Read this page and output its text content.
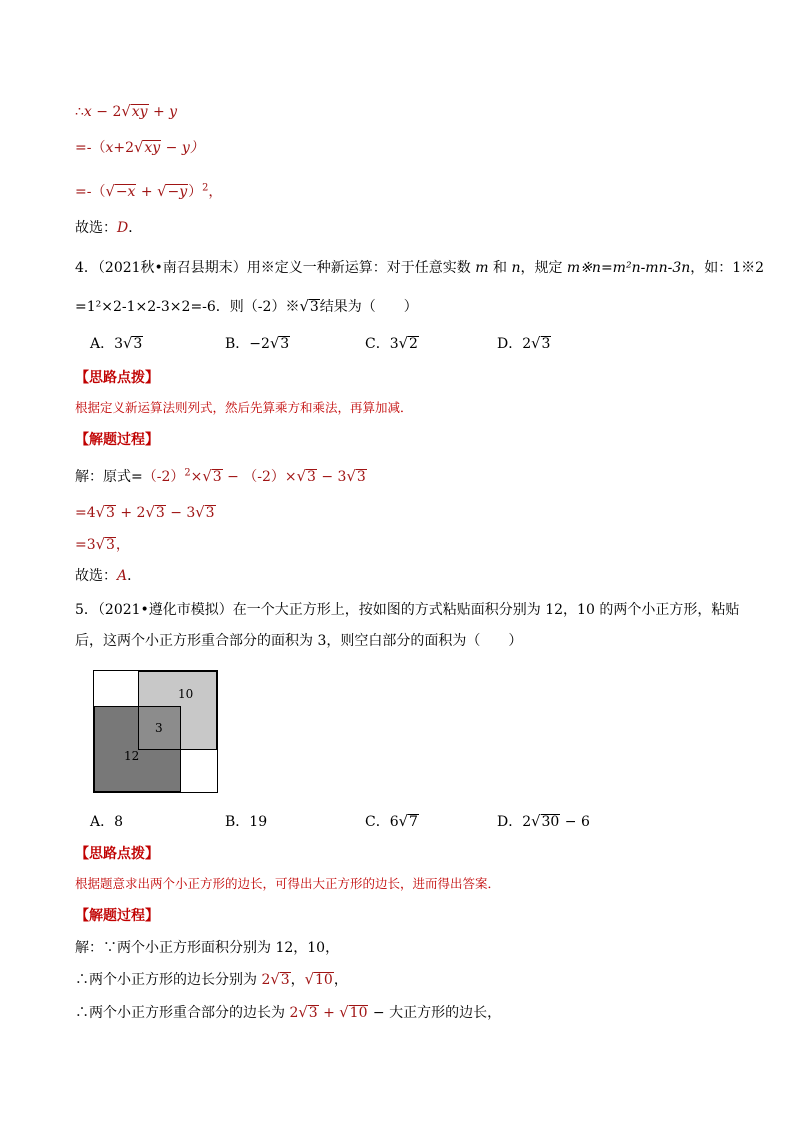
∴x − 2√xy + y
=-（x+2√xy − y）
$=-(√-x + √-y)^2$，
故选：D．
4．（2021秋•南召县期末）用※定义一种新运算：对于任意实数 m 和 n，规定 m※n=m²n-mn-3n，如：1※2
=1²×2-1×2-3×2=-6．则（-2）※√3结果为（　　）
A．3√3	B．−2√3	C．3√2	D．2√3
【思路点拨】
根据定义新运算法则列式，然后先算乘方和乘法，再算加减．
【解题过程】
解：原式$=(-2)^2\times√3 - (-2)\times√3 - 3√3$
=4√3 + 2√3 − 3√3
=3√3，
故选：A．
5．（2021•遵化市模拟）在一个大正方形上，按如图的方式粘贴面积分别为 12，10 的两个小正方形，粘贴
后，这两个小正方形重合部分的面积为 3，则空白部分的面积为（　　）
10
3
12
A．8	B．19	C．6√7	D．2√30 − 6
【思路点拨】
根据题意求出两个小正方形的边长，可得出大正方形的边长，进而得出答案．
【解题过程】
解：∵两个小正方形面积分别为 12，10，
∴两个小正方形的边长分别为 2√3，√10，
∴两个小正方形重合部分的边长为 2√3 + √10 − 大正方形的边长，
